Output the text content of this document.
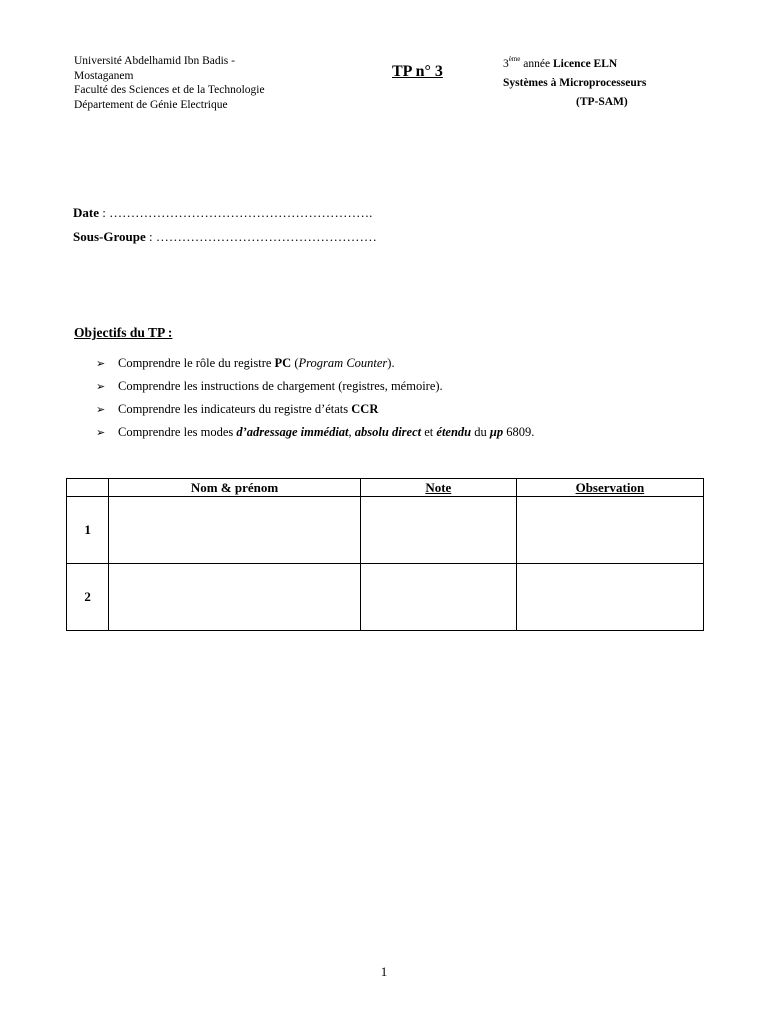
Université Abdelhamid Ibn Badis -
Mostaganem
Faculté des Sciences et de la Technologie
Département de Génie Electrique
TP n° 3	3ème année Licence ELN
Systèmes à Microprocesseurs
(TP-SAM)
Date : …………………………………………………….
Sous-Groupe : ……………………………………………
Objectifs du TP :
➢ Comprendre le rôle du registre PC (Program Counter).
➢ Comprendre les instructions de chargement (registres, mémoire).
➢ Comprendre les indicateurs du registre d’états CCR
➢ Comprendre les modes d’adressage immédiat, absolu direct et étendu du μp 6809.
	Nom & prénom	Note	Observation
1			
2			
1
